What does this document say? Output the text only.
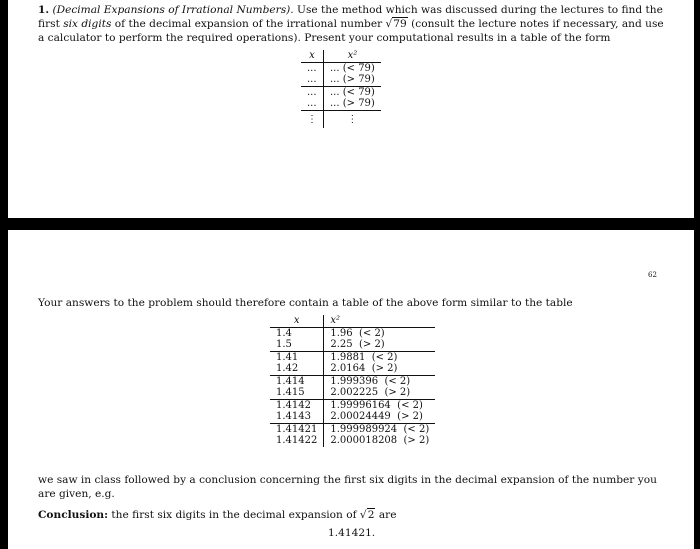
1. (Decimal Expansions of Irrational Numbers). Use the method which was discussed during the lectures to find the first six digits of the decimal expansion of the irrational number √79 (consult the lecture notes if necessary, and use a calculator to perform the required operations). Present your computational results in a table of the form
x	x²
...	... (< 79)
...	... (> 79)
...	... (< 79)
...	... (> 79)
⋮	⋮
62
Your answers to the problem should therefore contain a table of the above form similar to the table
x	x²
1.4	1.96 (< 2)
1.5	2.25 (> 2)
1.41	1.9881 (< 2)
1.42	2.0164 (> 2)
1.414	1.999396 (< 2)
1.415	2.002225 (> 2)
1.4142	1.99996164 (< 2)
1.4143	2.00024449 (> 2)
1.41421	1.999989924 (< 2)
1.41422	2.000018208 (> 2)
we saw in class followed by a conclusion concerning the first six digits in the decimal expansion of the number you are given, e.g.
Conclusion: the first six digits in the decimal expansion of √2 are
1.41421.
